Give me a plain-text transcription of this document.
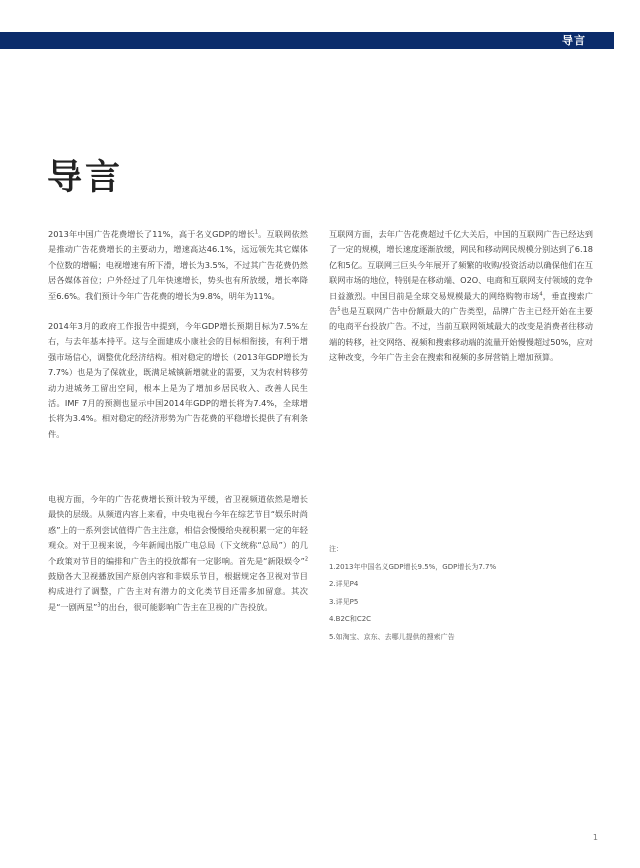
导言
导言

2013年中国广告花费增长了11%，高于名义GDP的增长$^1$。互联网依然是推动广告花费增长的主要动力，增速高达46.1%，远远领先其它媒体个位数的增幅；电视增速有所下滑，增长为3.5%，不过其广告花费仍然居各媒体首位；户外经过了几年快速增长，势头也有所放缓，增长率降至6.6%。我们预计今年广告花费的增长为9.8%，明年为11%。

2014年3月的政府工作报告中提到，今年GDP增长预期目标为7.5%左右，与去年基本持平。这与全面建成小康社会的目标相衔接，有利于增强市场信心，调整优化经济结构。相对稳定的增长（2013年GDP增长为7.7%）也是为了保就业，既满足城镇新增就业的需要，又为农村转移劳动力进城务工留出空间，根本上是为了增加乡居民收入、改善人民生活。IMF 7月的预测也显示中国2014年GDP的增长将为7.4%，全球增长将为3.4%。相对稳定的经济形势为广告花费的平稳增长提供了有利条件。

电视方面，今年的广告花费增长预计较为平缓，省卫视频道依然是增长最快的层级。从频道内容上来看，中央电视台今年在综艺节目“娱乐时尚惑”上的一系列尝试值得广告主注意，相信会慢慢给央视积累一定的年轻观众。对于卫视来说，今年新闻出版广电总局（下文统称“总局”）的几个政策对节目的编排和广告主的投放都有一定影响。首先是“新限娱令”$^2$鼓励各大卫视播放国产原创内容和非娱乐节目，根据规定各卫视对节目构成进行了调整，广告主对有潜力的文化类节目还需多加留意。其次是“一剧两星”$^3$的出台，很可能影响广告主在卫视的广告投放。

互联网方面，去年广告花费超过千亿大关后，中国的互联网广告已经达到了一定的规模，增长速度逐渐放缓，网民和移动网民规模分别达到了6.18亿和5亿。互联网三巨头今年展开了频繁的收购/投资活动以确保他们在互联网市场的地位，特别是在移动端、O2O、电商和互联网支付领域的竞争日益激烈。中国目前是全球交易规模最大的网络购物市场$^4$，垂直搜索广告$^5$也是互联网广告中份额最大的广告类型，品牌广告主已经开始在主要的电商平台投放广告。不过，当前互联网领域最大的改变是消费者往移动端的转移，社交网络、视频和搜索移动端的流量开始慢慢超过50%，应对这种改变，今年广告主会在搜索和视频的多屏营销上增加预算。

注：

1.2013年中国名义GDP增长9.5%，GDP增长为7.7%
2.详见P4
3.详见P5
4.B2C和C2C
5.如淘宝、京东、去哪儿提供的搜索广告
1
